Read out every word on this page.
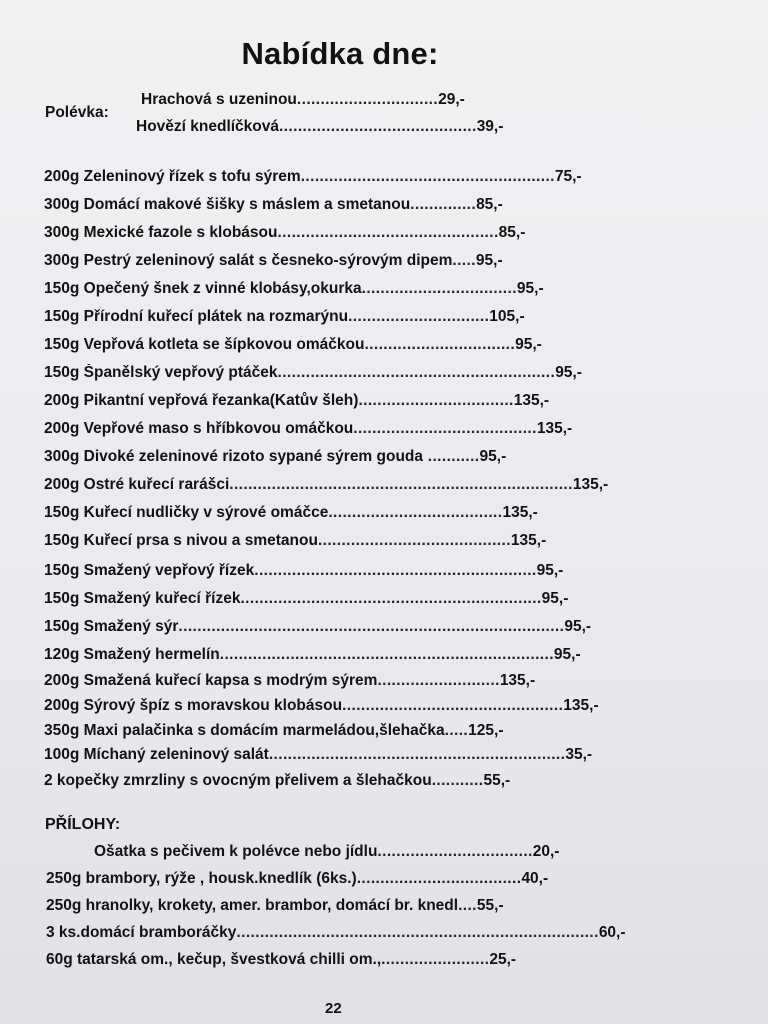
Nabídka dne:
Polévka:
Hrachová s uzeninou..............................29,-
Hovězí knedlíčková..........................................39,-
200g Zeleninový řízek s tofu sýrem......................................................75,-
300g Domácí makové šišky s máslem a smetanou..............85,-
300g Mexické fazole s klobásou...............................................85,-
300g Pestrý zeleninový salát s česneko-sýrovým dipem.....95,-
150g Opečený šnek z vinné klobásy,okurka.................................95,-
150g Přírodní kuřecí plátek na rozmarýnu..............................105,-
150g Vepřová kotleta se šípkovou omáčkou................................95,-
150g Španělský vepřový ptáček...........................................................95,-
200g Pikantní vepřová řezanka(Katův šleh).................................135,-
200g Vepřové maso s hříbkovou omáčkou.......................................135,-
300g Divoké zeleninové rizoto sypané sýrem gouda ...........95,-
200g Ostré kuřecí rarášci.........................................................................135,-
150g Kuřecí nudličky v sýrové omáčce.....................................135,-
150g Kuřecí prsa s nivou a smetanou.........................................135,-
150g Smažený vepřový řízek............................................................95,-
150g Smažený kuřecí řízek................................................................95,-
150g Smažený sýr..................................................................................95,-
120g Smažený hermelín.......................................................................95,-
200g Smažená kuřecí kapsa s modrým sýrem..........................135,-
200g Sýrový špíz s moravskou klobásou...............................................135,-
350g Maxi palačinka s domácím marmeládou,šlehačka.....125,-
100g Míchaný zeleninový salát...............................................................35,-
2 kopečky zmrzliny s ovocným přelivem a šlehačkou...........55,-
PŘÍLOHY:
Ošatka s pečivem k polévce nebo jídlu.................................20,-
250g brambory, rýže , housk.knedlík (6ks.)...................................40,-
250g hranolky, krokety, amer. brambor, domácí br. knedl....55,-
3 ks.domácí bramboráčky.............................................................................60,-
60g tatarská om., kečup, švestková chilli om.,.......................25,-
22
